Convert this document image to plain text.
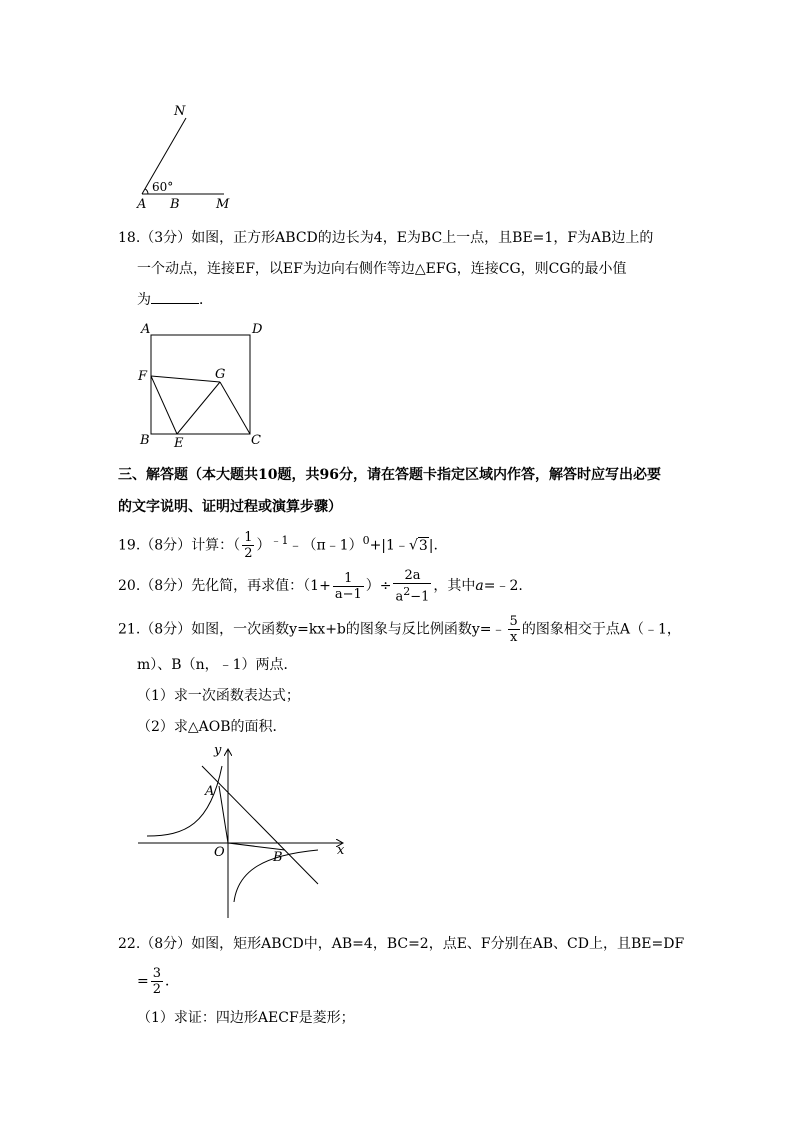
N
60°
A B	M
18.（3分）如图，正方形ABCD的边长为4，E为BC上一点，且BE=1，F为AB边上的
一个动点，连接EF，以EF为边向右侧作等边△EFG，连接CG，则CG的最小值
为	．
A	D
F	G
B E	C
三、解答题（本大题共10题，共96分，请在答题卡指定区域内作答，解答时应写出必要
的文字说明、证明过程或演算步骤）
19.（8分）计算：（ $\frac{1}{2}$ ）$^{﹣1}$﹣（π﹣1）$^0$+|1﹣√3|.
20.（8分）先化简，再求值：（$1+ \frac{1}{a-1}$ ）÷ $\frac{2a}{a^2-1}$ ，其中a=﹣2.
21.（8分）如图，一次函数y=kx+b的图象与反比例函数y=﹣ $\frac{5}{x}$ 的图象相交于点A（﹣1，
m）、B（n，﹣1）两点．
（1）求一次函数表达式；
（2）求△AOB的面积．
y
x
A
O	B
22.（8分）如图，矩形ABCD中，AB=4，BC=2，点E、F分别在AB、CD上，且BE=DF
= $\frac{3}{2}$ ．
（1）求证：四边形AECF是菱形；
